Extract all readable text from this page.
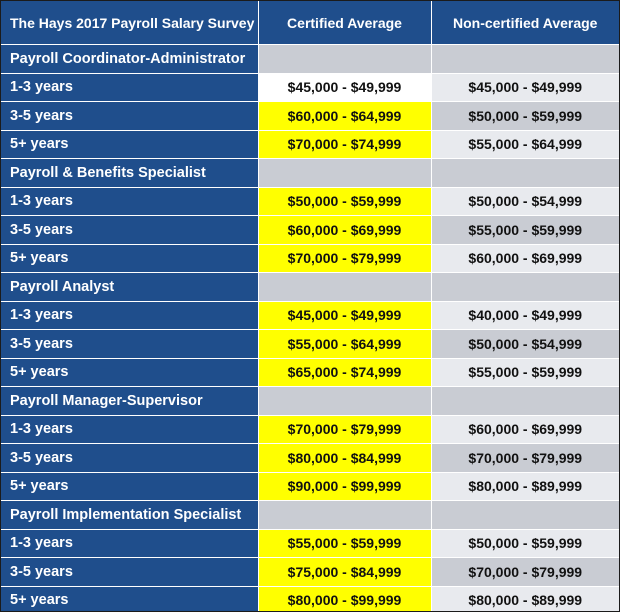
The Hays 2017 Payroll Salary Survey	Certified Average	Non-certified Average
Payroll Coordinator-Administrator		
1-3 years	$45,000 - $49,999	$45,000 - $49,999
3-5 years	$60,000 - $64,999	$50,000 - $59,999
5+ years	$70,000 - $74,999	$55,000 - $64,999
Payroll & Benefits Specialist		
1-3 years	$50,000 - $59,999	$50,000 - $54,999
3-5 years	$60,000 - $69,999	$55,000 - $59,999
5+ years	$70,000 - $79,999	$60,000 - $69,999
Payroll Analyst		
1-3 years	$45,000 - $49,999	$40,000 - $49,999
3-5 years	$55,000 - $64,999	$50,000 - $54,999
5+ years	$65,000 - $74,999	$55,000 - $59,999
Payroll Manager-Supervisor		
1-3 years	$70,000 - $79,999	$60,000 - $69,999
3-5 years	$80,000 - $84,999	$70,000 - $79,999
5+ years	$90,000 - $99,999	$80,000 - $89,999
Payroll Implementation Specialist		
1-3 years	$55,000 - $59,999	$50,000 - $59,999
3-5 years	$75,000 - $84,999	$70,000 - $79,999
5+ years	$80,000 - $99,999	$80,000 - $89,999
